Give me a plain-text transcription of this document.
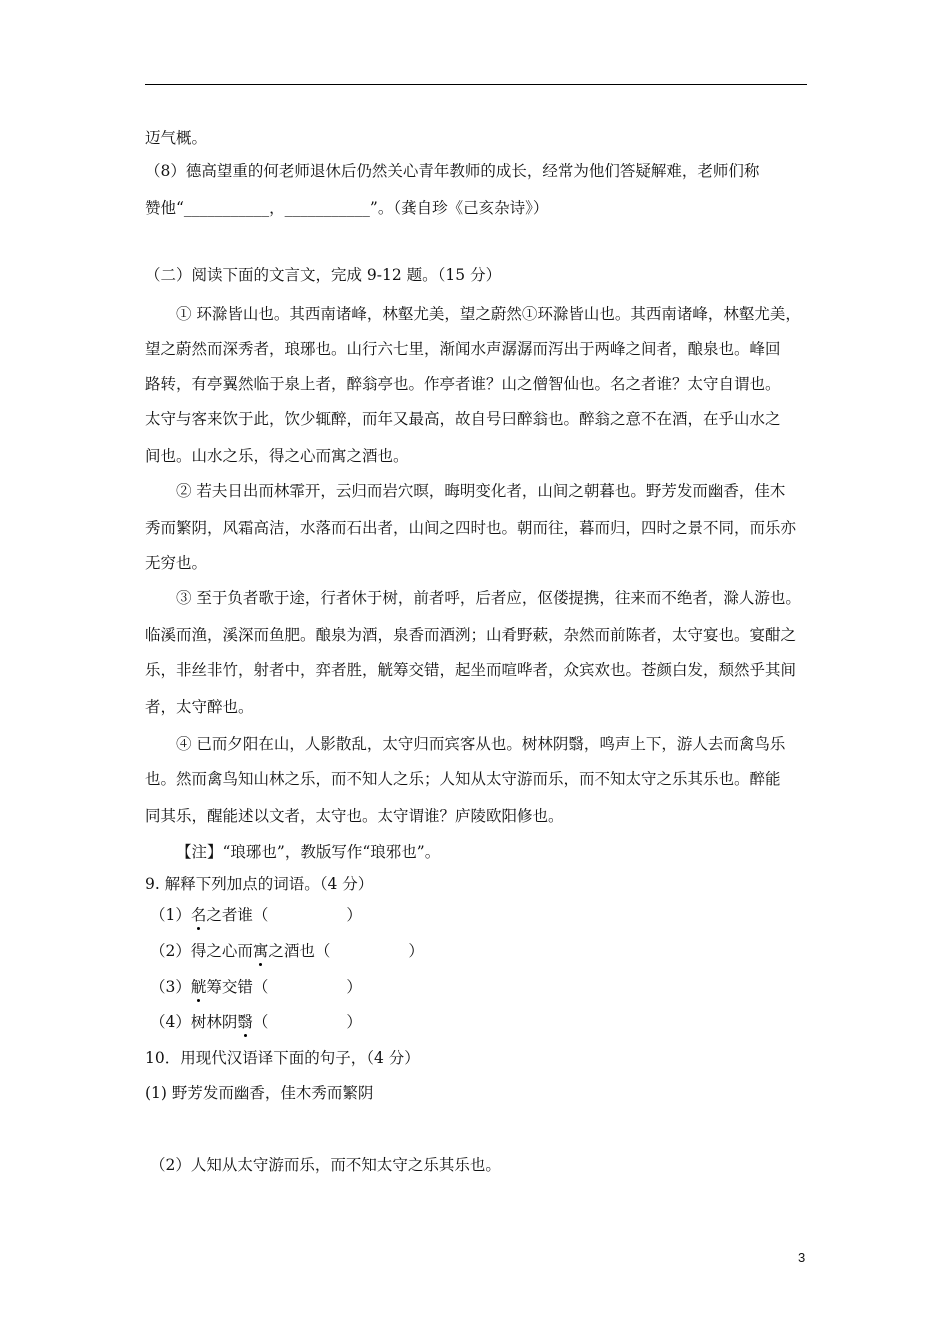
迈气概。
（8）德高望重的何老师退休后仍然关心青年教师的成长，经常为他们答疑解难，老师们称
赞他“___________，___________”。（龚自珍《己亥杂诗》）
（二）阅读下面的文言文，完成 9-12 题。（15 分）
① 环滁皆山也。其西南诸峰，林壑尤美，望之蔚然①环滁皆山也。其西南诸峰，林壑尤美，
望之蔚然而深秀者，琅琊也。山行六七里，渐闻水声潺潺而泻出于两峰之间者，酿泉也。峰回
路转，有亭翼然临于泉上者，醉翁亭也。作亭者谁？山之僧智仙也。名之者谁？太守自谓也。
太守与客来饮于此，饮少辄醉，而年又最高，故自号曰醉翁也。醉翁之意不在酒，在乎山水之
间也。山水之乐，得之心而寓之酒也。
② 若夫日出而林霏开，云归而岩穴暝，晦明变化者，山间之朝暮也。野芳发而幽香，佳木
秀而繁阴，风霜高洁，水落而石出者，山间之四时也。朝而往，暮而归，四时之景不同，而乐亦
无穷也。
③ 至于负者歌于途，行者休于树，前者呼，后者应，伛偻提携，往来而不绝者，滁人游也。
临溪而渔，溪深而鱼肥。酿泉为酒，泉香而酒洌；山肴野蔌，杂然而前陈者，太守宴也。宴酣之
乐，非丝非竹，射者中，弈者胜，觥筹交错，起坐而喧哗者，众宾欢也。苍颜白发，颓然乎其间
者，太守醉也。
④ 已而夕阳在山，人影散乱，太守归而宾客从也。树林阴翳，鸣声上下，游人去而禽鸟乐
也。然而禽鸟知山林之乐，而不知人之乐；人知从太守游而乐，而不知太守之乐其乐也。醉能
同其乐，醒能述以文者，太守也。太守谓谁？庐陵欧阳修也。
【注】“琅琊也”，教版写作“琅邪也”。
9. 解释下列加点的词语。（4 分）
（1）名之者谁（	）
（2）得之心而寓之酒也（	）
（3）觥筹交错（	）
（4）树林阴翳（	）
10．用现代汉语译下面的句子，（4 分）
(1) 野芳发而幽香，佳木秀而繁阴
（2）人知从太守游而乐，而不知太守之乐其乐也。
3
